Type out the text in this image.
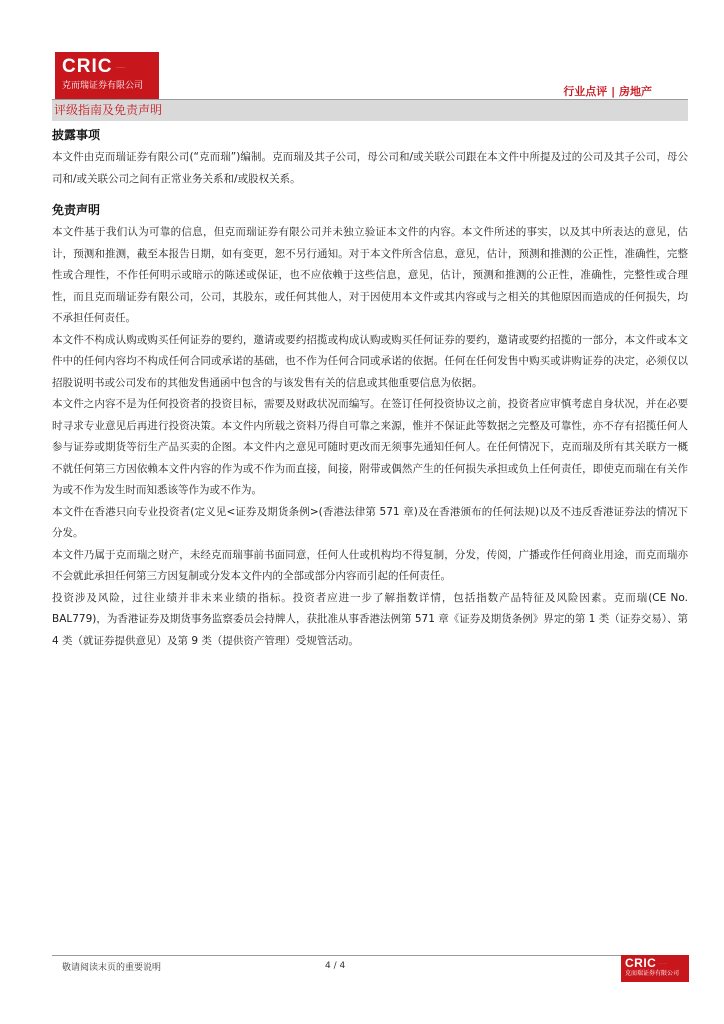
CRIC .........
克而瑞证券有限公司	行业点评 | 房地产
评级指南及免责声明
披露事项

本文件由克而瑞证券有限公司(“克而瑞”)编制。克而瑞及其子公司，母公司和/或关联公司跟在本文件中所提及过的公司及其子公司，母公司和/或关联公司之间有正常业务关系和/或股权关系。

免责声明

本文件基于我们认为可靠的信息，但克而瑞证券有限公司并未独立验证本文件的内容。本文件所述的事实，以及其中所表达的意见，估计，预测和推测，截至本报告日期，如有变更，恕不另行通知。对于本文件所含信息，意见，估计，预测和推测的公正性，准确性，完整性或合理性，不作任何明示或暗示的陈述或保证，也不应依赖于这些信息，意见，估计，预测和推测的公正性，准确性，完整性或合理性，而且克而瑞证券有限公司，公司，其股东，或任何其他人，对于因使用本文件或其内容或与之相关的其他原因而造成的任何损失，均不承担任何责任。

本文件不构成认购或购买任何证券的要约，邀请或要约招揽或构成认购或购买任何证券的要约，邀请或要约招揽的一部分，本文件或本文件中的任何内容均不构成任何合同或承诺的基础，也不作为任何合同或承诺的依据。任何在任何发售中购买或讲购证券的决定，必须仅以招股说明书或公司发布的其他发售通函中包含的与该发售有关的信息或其他重要信息为依据。

本文件之内容不是为任何投资者的投资目标，需要及财政状况而编写。在签订任何投资协议之前，投资者应审慎考虑自身状况，并在必要时寻求专业意见后再进行投资决策。本文件内所载之资料乃得自可靠之来源，惟并不保证此等数据之完整及可靠性，亦不存有招揽任何人参与证券或期货等衍生产品买卖的企图。本文件内之意见可随时更改而无须事先通知任何人。在任何情况下，克而瑞及所有其关联方一概不就任何第三方因依赖本文件内容的作为或不作为而直接，间接，附带或偶然产生的任何损失承担或负上任何责任，即使克而瑞在有关作为或不作为发生时而知悉该等作为或不作为。

本文件在香港只向专业投资者(定义见<证券及期货条例>(香港法律第 571 章)及在香港颁布的任何法规)以及不违反香港证券法的情况下分发。

本文件乃属于克而瑞之财产，未经克而瑞事前书面同意，任何人仕或机构均不得复制，分发，传阅，广播或作任何商业用途，而克而瑞亦不会就此承担任何第三方因复制或分发本文件内的全部或部分内容而引起的任何责任。

投资涉及风险，过往业绩并非未来业绩的指标。投资者应进一步了解指数详情，包括指数产品特征及风险因素。克而瑞(CE No. BAL779)，为香港证券及期货事务监察委员会持牌人，获批准从事香港法例第 571 章《证券及期货条例》界定的第 1 类（证券交易）、第 4 类（就证券提供意见）及第 9 类（提供资产管理）受规管活动。

敬请阅读末页的重要说明	4 / 4	CRIC .......
克而瑞证券有限公司
